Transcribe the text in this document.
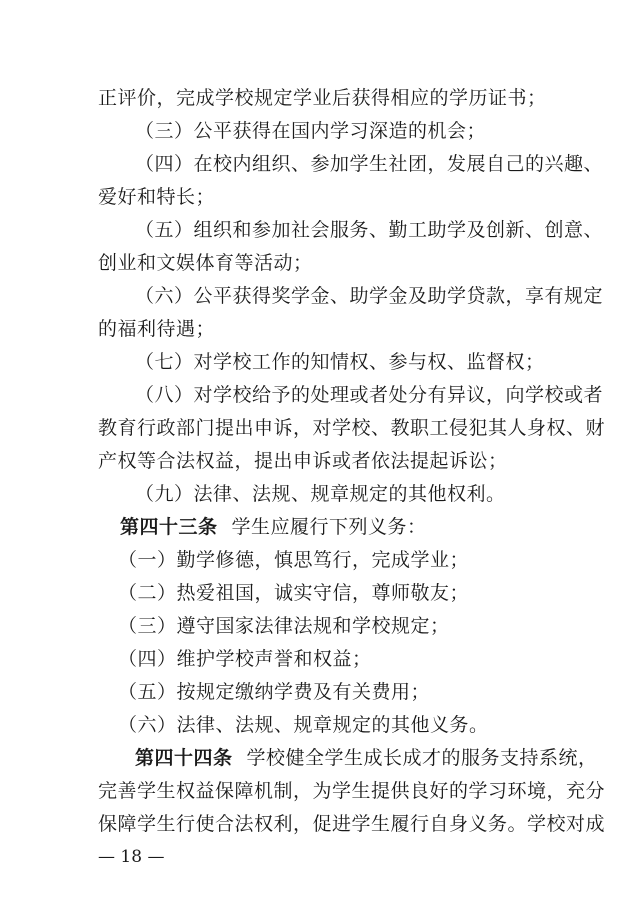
正评价，完成学校规定学业后获得相应的学历证书；
（三）公平获得在国内学习深造的机会；
（四）在校内组织、参加学生社团，发展自己的兴趣、
爱好和特长；
（五）组织和参加社会服务、勤工助学及创新、创意、
创业和文娱体育等活动；
（六）公平获得奖学金、助学金及助学贷款，享有规定
的福利待遇；
（七）对学校工作的知情权、参与权、监督权；
（八）对学校给予的处理或者处分有异议，向学校或者
教育行政部门提出申诉，对学校、教职工侵犯其人身权、财
产权等合法权益，提出申诉或者依法提起诉讼；
（九）法律、法规、规章规定的其他权利。
第四十三条 学生应履行下列义务：
（一）勤学修德，慎思笃行，完成学业；
（二）热爱祖国，诚实守信，尊师敬友；
（三）遵守国家法律法规和学校规定；
（四）维护学校声誉和权益；
（五）按规定缴纳学费及有关费用；
（六）法律、法规、规章规定的其他义务。
第四十四条 学校健全学生成长成才的服务支持系统，
完善学生权益保障机制，为学生提供良好的学习环境，充分
保障学生行使合法权利，促进学生履行自身义务。学校对成
— 18 —
